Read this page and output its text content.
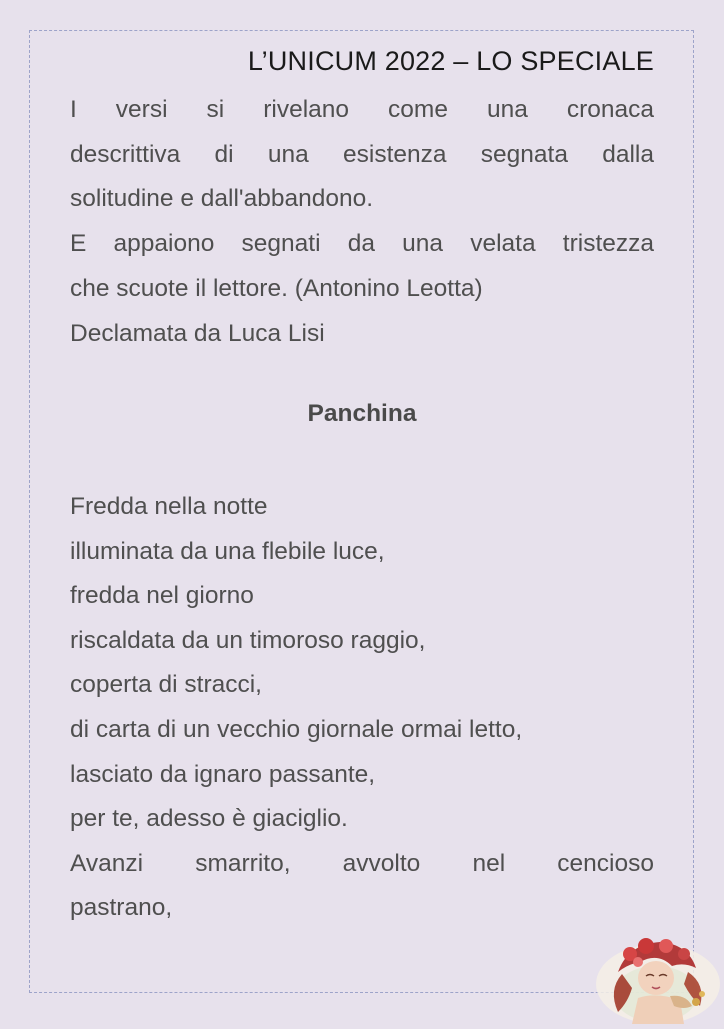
L’UNICUM 2022 – LO SPECIALE

I versi si rivelano come una cronaca

descrittiva di una esistenza segnata dalla

solitudine e dall'abbandono.

E appaiono segnati da una velata tristezza

che scuote il lettore. (Antonino Leotta)

Declamata da Luca Lisi

Panchina
Fredda nella notte
illuminata da una flebile luce,
fredda nel giorno
riscaldata da un timoroso raggio,
coperta di stracci,
di carta di un vecchio giornale ormai letto,
lasciato da ignaro passante,
per te, adesso è giaciglio.
Avanzi smarrito, avvolto nel cencioso
pastrano,
